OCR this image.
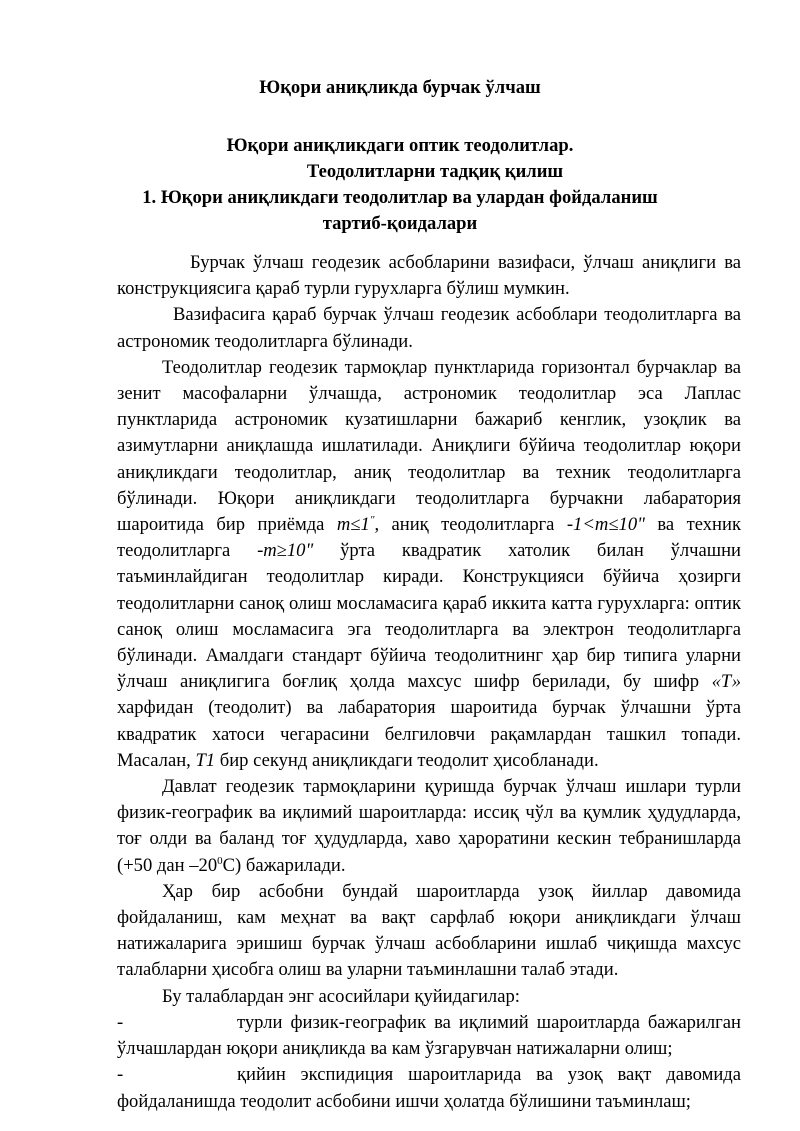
Юқори аниқликда бурчак ўлчаш
Юқори аниқликдаги оптик теодолитлар.
Теодолитларни тадқиқ қилиш
1. Юқори аниқликдаги теодолитлар ва улардан фойдаланиш
тартиб-қоидалари

Бурчак ўлчаш геодезик асбобларини вазифаси, ўлчаш аниқлиги ва конструкциясига қараб турли гурухларга бўлиш мумкин.

Вазифасига қараб бурчак ўлчаш геодезик асбоблари теодолитларга ва астрономик теодолитларга бўлинади.

Теодолитлар геодезик тармоқлар пунктларида горизонтал бурчаклар ва зенит масофаларни ўлчашда, астрономик теодолитлар эса Лаплас пунктларида астрономик кузатишларни бажариб кенглик, узоқлик ва азимутларни аниқлашда ишлатилади. Аниқлиги бўйича теодолитлар юқори аниқликдаги теодолитлар, аниқ теодолитлар ва техник теодолитларга бўлинади. Юқори аниқликдаги теодолитларга бурчакни лабаратория шароитида бир приёмда m≤1", аниқ теодолитларга -1<m≤10" ва техник теодолитларга -m≥10" ўрта квадратик хатолик билан ўлчашни таъминлайдиган теодолитлар киради. Конструкцияси бўйича ҳозирги теодолитларни саноқ олиш мосламасига қараб иккита катта гурухларга: оптик саноқ олиш мосламасига эга теодолитларга ва электрон теодолитларга бўлинади. Амалдаги стандарт бўйича теодолитнинг ҳар бир типига уларни ўлчаш аниқлигига боғлиқ ҳолда махсус шифр берилади, бу шифр «Т» харфидан (теодолит) ва лабаратория шароитида бурчак ўлчашни ўрта квадратик хатоси чегарасини белгиловчи рақамлардан ташкил топади. Масалан, Т1 бир секунд аниқликдаги теодолит ҳисобланади.

Давлат геодезик тармоқларини қуришда бурчак ўлчаш ишлари турли физик-географик ва иқлимий шароитларда: иссиқ чўл ва қумлик ҳудудларда, тоғ олди ва баланд тоғ ҳудудларда, хаво ҳароратини кескин тебранишларда (+50 дан $-20^0С$) бажарилади.

Ҳар бир асбобни бундай шароитларда узоқ йиллар давомида фойдаланиш, кам меҳнат ва вақт сарфлаб юқори аниқликдаги ўлчаш натижаларига эришиш бурчак ўлчаш асбобларини ишлаб чиқишда махсус талабларни ҳисобга олиш ва уларни таъминлашни талаб этади.

Бу талаблардан энг асосийлари қуйидагилар:

-	турли физик-географик ва иқлимий шароитларда бажарилган
ўлчашлардан юқори аниқликда ва кам ўзгарувчан натижаларни олиш;
-	қийин экспидиция шароитларида ва узоқ вақт давомида
фойдаланишда теодолит асбобини ишчи ҳолатда бўлишини таъминлаш;
